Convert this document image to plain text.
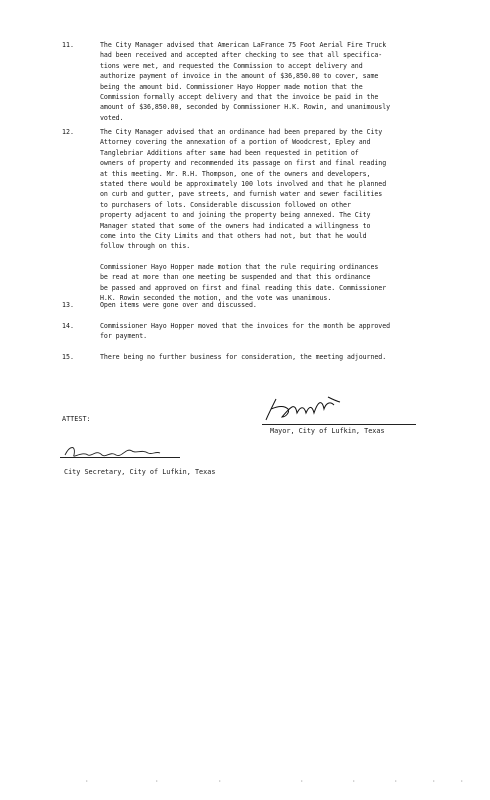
11.	The City Manager advised that American LaFrance 75 Foot Aerial Fire Truck
had been received and accepted after checking to see that all specifica-
tions were met, and requested the Commission to accept delivery and
authorize payment of invoice in the amount of $36,850.00 to cover, same
being the amount bid. Commissioner Hayo Hopper made motion that the
Commission formally accept delivery and that the invoice be paid in the
amount of $36,850.00, seconded by Commissioner H.K. Rowin, and unanimously
voted.
12.	The City Manager advised that an ordinance had been prepared by the City
Attorney covering the annexation of a portion of Woodcrest, Epley and
Tanglebriar Additions after same had been requested in petition of
owners of property and recommended its passage on first and final reading
at this meeting. Mr. R.H. Thompson, one of the owners and developers,
stated there would be approximately 100 lots involved and that he planned
on curb and gutter, pave streets, and furnish water and sewer facilities
to purchasers of lots. Considerable discussion followed on other
property adjacent to and joining the property being annexed. The City
Manager stated that some of the owners had indicated a willingness to
come into the City Limits and that others had not, but that he would
follow through on this.
Commissioner Hayo Hopper made motion that the rule requiring ordinances
be read at more than one meeting be suspended and that this ordinance
be passed and approved on first and final reading this date. Commissioner
H.K. Rowin seconded the motion, and the vote was unanimous.
13.	Open items were gone over and discussed.
14.	Commissioner Hayo Hopper moved that the invoices for the month be approved
for payment.
15.	There being no further business for consideration, the meeting adjourned.
Mayor, City of Lufkin, Texas
ATTEST:
City Secretary, City of Lufkin, Texas
·	·	·	·	·	·	·	·
